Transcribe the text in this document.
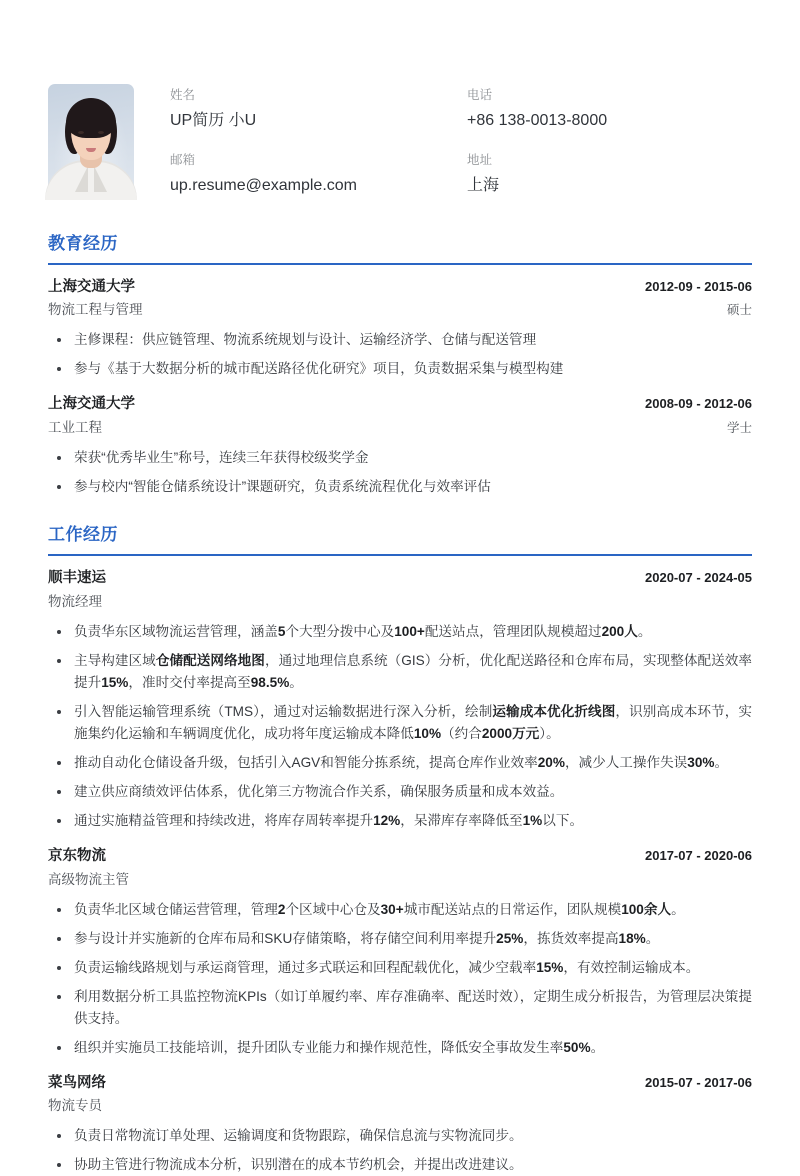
姓名
UP简历 小U
电话
+86 138-0013-8000
邮箱
up.resume@example.com
地址
上海
教育经历
上海交通大学	2012-09 - 2015-06
物流工程与管理	硕士
主修课程：供应链管理、物流系统规划与设计、运输经济学、仓储与配送管理
参与《基于大数据分析的城市配送路径优化研究》项目，负责数据采集与模型构建
上海交通大学	2008-09 - 2012-06
工业工程	学士
荣获“优秀毕业生”称号，连续三年获得校级奖学金
参与校内“智能仓储系统设计”课题研究，负责系统流程优化与效率评估
工作经历
顺丰速运	2020-07 - 2024-05
物流经理
负责华东区域物流运营管理，涵盖5个大型分拨中心及100+配送站点，管理团队规模超过200人。
主导构建区域仓储配送网络地图，通过地理信息系统（GIS）分析，优化配送路径和仓库布局，实现整体配送效率提升15%，准时交付率提高至98.5%。
引入智能运输管理系统（TMS），通过对运输数据进行深入分析，绘制运输成本优化折线图，识别高成本环节，实施集约化运输和车辆调度优化，成功将年度运输成本降低10%（约合2000万元）。
推动自动化仓储设备升级，包括引入AGV和智能分拣系统，提高仓库作业效率20%，减少人工操作失误30%。
建立供应商绩效评估体系，优化第三方物流合作关系，确保服务质量和成本效益。
通过实施精益管理和持续改进，将库存周转率提升12%，呆滞库存率降低至1%以下。
京东物流	2017-07 - 2020-06
高级物流主管
负责华北区域仓储运营管理，管理2个区域中心仓及30+城市配送站点的日常运作，团队规模100余人。
参与设计并实施新的仓库布局和SKU存储策略，将存储空间利用率提升25%，拣货效率提高18%。
负责运输线路规划与承运商管理，通过多式联运和回程配载优化，减少空载率15%，有效控制运输成本。
利用数据分析工具监控物流KPIs（如订单履约率、库存准确率、配送时效），定期生成分析报告，为管理层决策提供支持。
组织并实施员工技能培训，提升团队专业能力和操作规范性，降低安全事故发生率50%。
菜鸟网络	2015-07 - 2017-06
物流专员
负责日常物流订单处理、运输调度和货物跟踪，确保信息流与实物流同步。
协助主管进行物流成本分析，识别潜在的成本节约机会，并提出改进建议。
